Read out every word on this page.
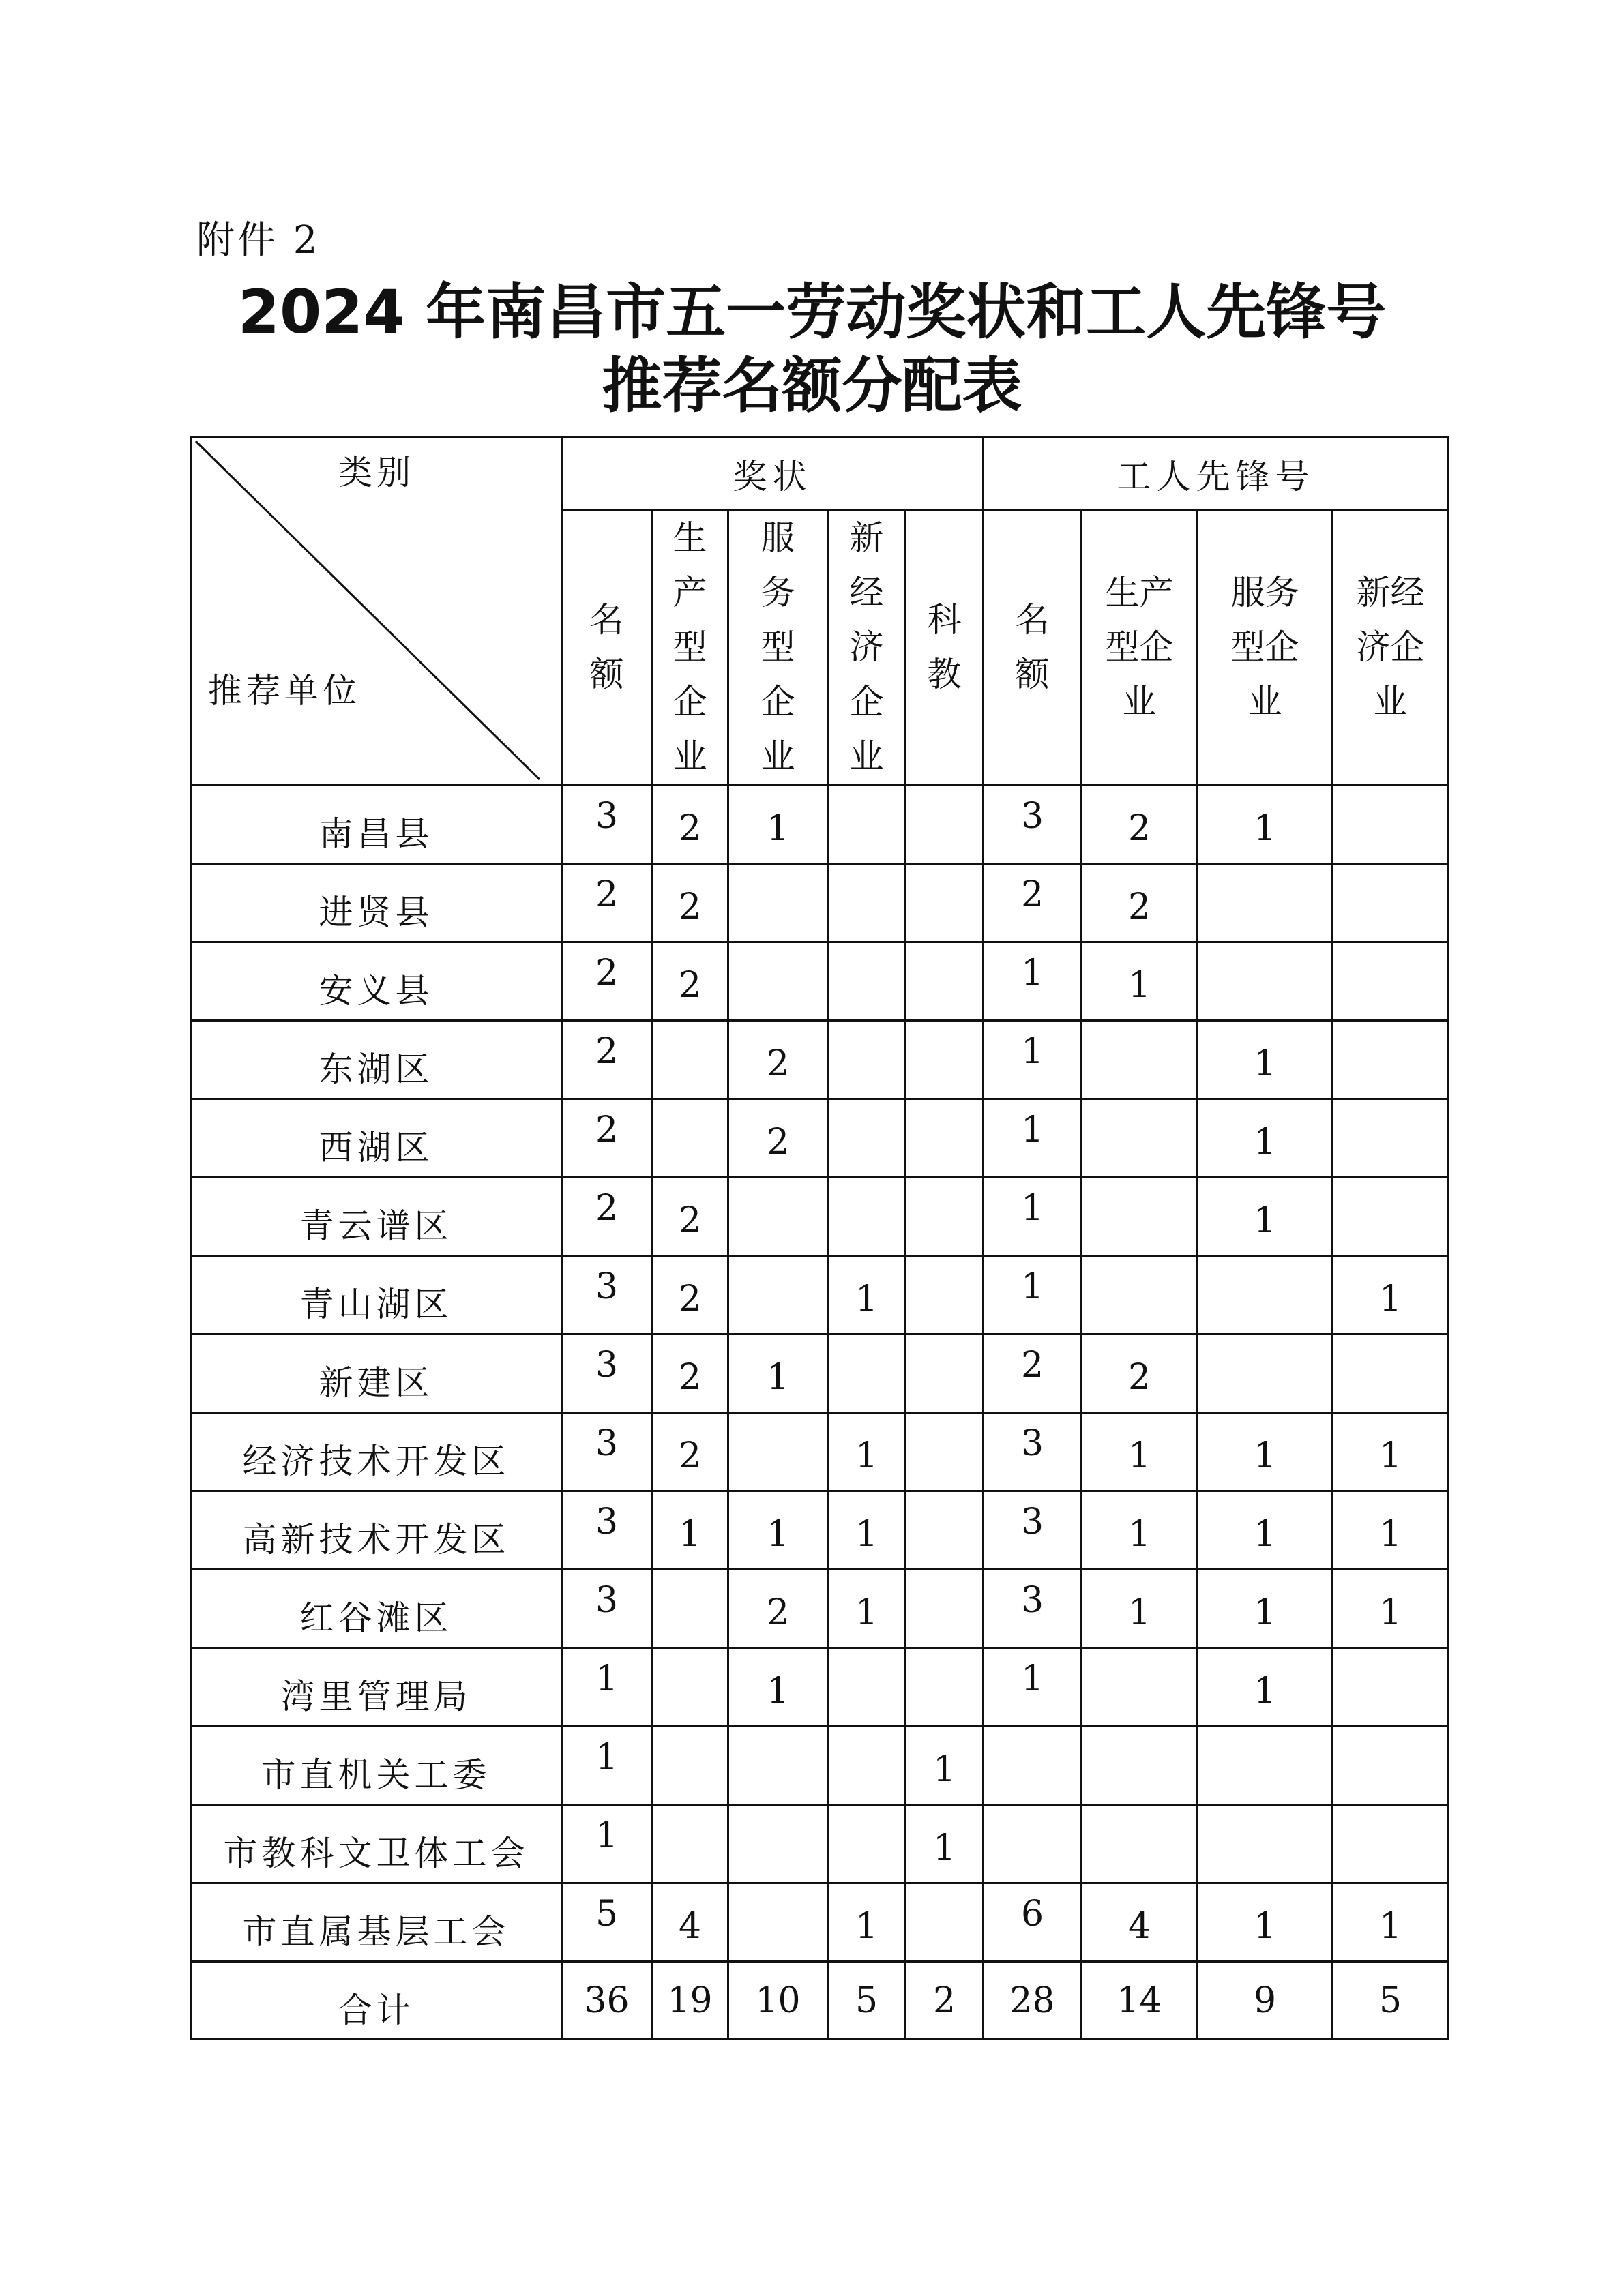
附件 2
2024 年南昌市五一劳动奖状和工人先锋号
推荐名额分配表
类别
推荐单位	奖状					工人先锋号			
	名额	生产型企业	服务型企业	新经济企业	科教	名额	生产型企业	服务型企业	新经济企业
南昌县	3	2	1			3	2	1	
进贤县	2	2				2	2		
安义县	2	2				1	1		
东湖区	2		2			1		1	
西湖区	2		2			1		1	
青云谱区	2	2				1		1	
青山湖区	3	2		1		1			1
新建区	3	2	1			2	2		
经济技术开发区	3	2		1		3	1	1	1
高新技术开发区	3	1	1	1		3	1	1	1
红谷滩区	3		2	1		3	1	1	1
湾里管理局	1		1			1		1	
市直机关工委	1				1				
市教科文卫体工会	1				1				
市直属基层工会	5	4		1		6	4	1	1
合计	36	19	10	5	2	28	14	9	5
